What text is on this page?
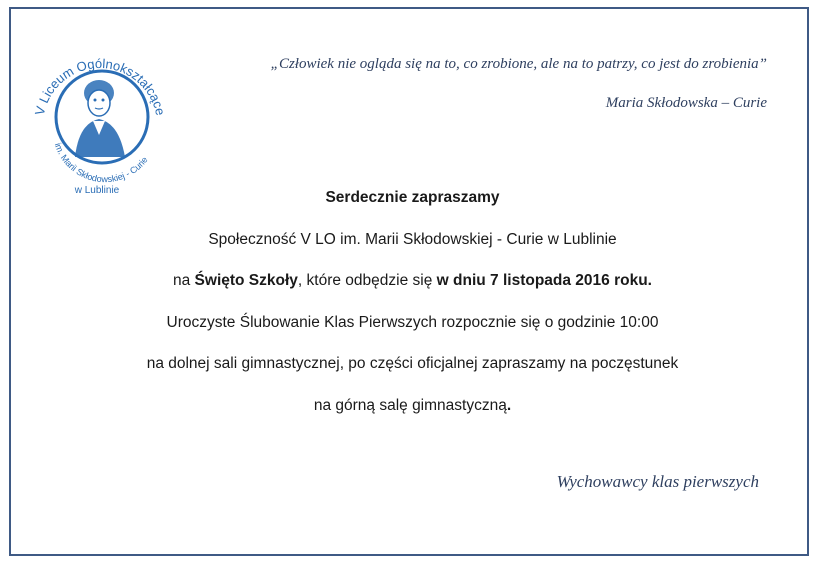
V Liceum Ogólnokształcące
im. Marii Skłodowskiej - Curie
w Lublinie
„Człowiek nie ogląda się na to, co zrobione, ale na to patrzy, co jest do zrobienia”
Maria Skłodowska – Curie
Serdecznie zapraszamy
Społeczność V LO im. Marii Skłodowskiej - Curie w Lublinie
na Święto Szkoły, które odbędzie się w dniu 7 listopada 2016 roku.
Uroczyste Ślubowanie Klas Pierwszych rozpocznie się o godzinie 10:00
na dolnej sali gimnastycznej, po części oficjalnej zapraszamy na poczęstunek
na górną salę gimnastyczną.
Wychowawcy klas pierwszych
